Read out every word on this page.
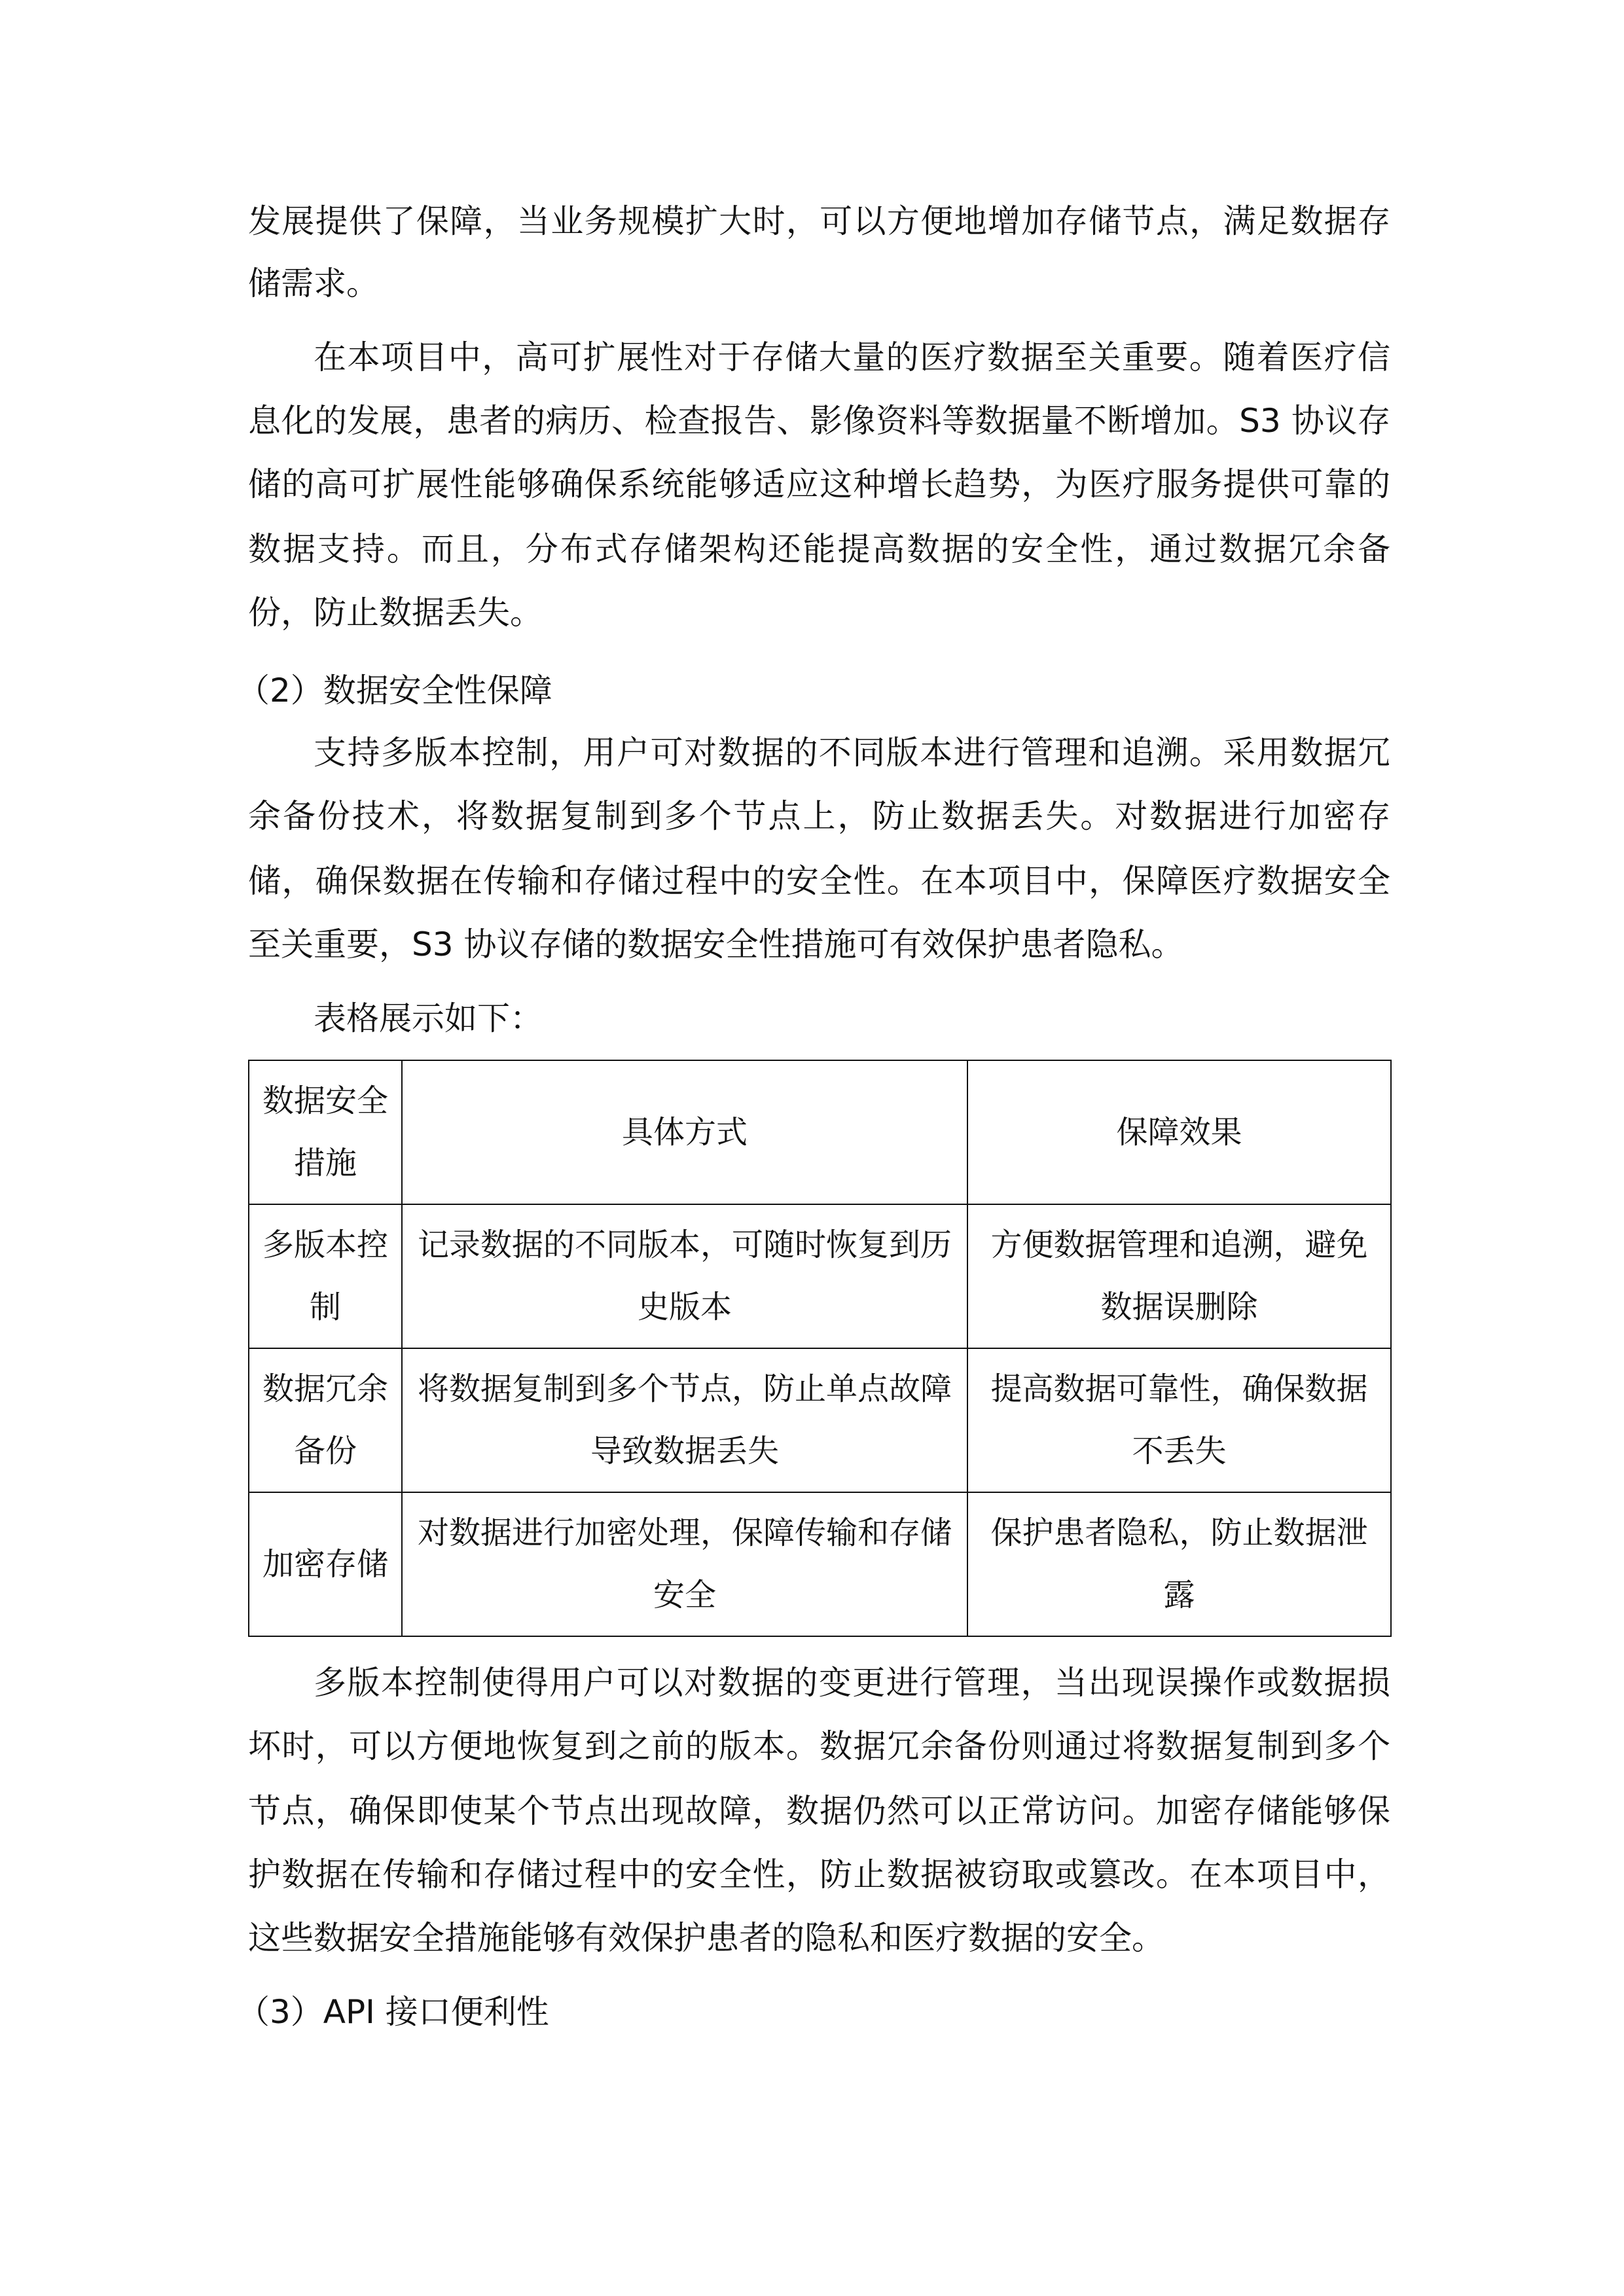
发展提供了保障，当业务规模扩大时，可以方便地增加存储节点，满足数据存
储需求。
在本项目中，高可扩展性对于存储大量的医疗数据至关重要。随着医疗信
息化的发展，患者的病历、检查报告、影像资料等数据量不断增加。S3 协议存
储的高可扩展性能够确保系统能够适应这种增长趋势，为医疗服务提供可靠的
数据支持。而且，分布式存储架构还能提高数据的安全性，通过数据冗余备
份，防止数据丢失。
（2）数据安全性保障
支持多版本控制，用户可对数据的不同版本进行管理和追溯。采用数据冗
余备份技术，将数据复制到多个节点上，防止数据丢失。对数据进行加密存
储，确保数据在传输和存储过程中的安全性。在本项目中，保障医疗数据安全
至关重要，S3 协议存储的数据安全性措施可有效保护患者隐私。
表格展示如下：
数据安全
措施	具体方式	保障效果

多版本控
制	记录数据的不同版本，可随时恢复到历
史版本	方便数据管理和追溯，避免
数据误删除

数据冗余
备份	将数据复制到多个节点，防止单点故障
导致数据丢失	提高数据可靠性，确保数据
不丢失

加密存储	对数据进行加密处理，保障传输和存储
安全	保护患者隐私，防止数据泄
露
多版本控制使得用户可以对数据的变更进行管理，当出现误操作或数据损
坏时，可以方便地恢复到之前的版本。数据冗余备份则通过将数据复制到多个
节点，确保即使某个节点出现故障，数据仍然可以正常访问。加密存储能够保
护数据在传输和存储过程中的安全性，防止数据被窃取或篡改。在本项目中，
这些数据安全措施能够有效保护患者的隐私和医疗数据的安全。
（3）API 接口便利性
